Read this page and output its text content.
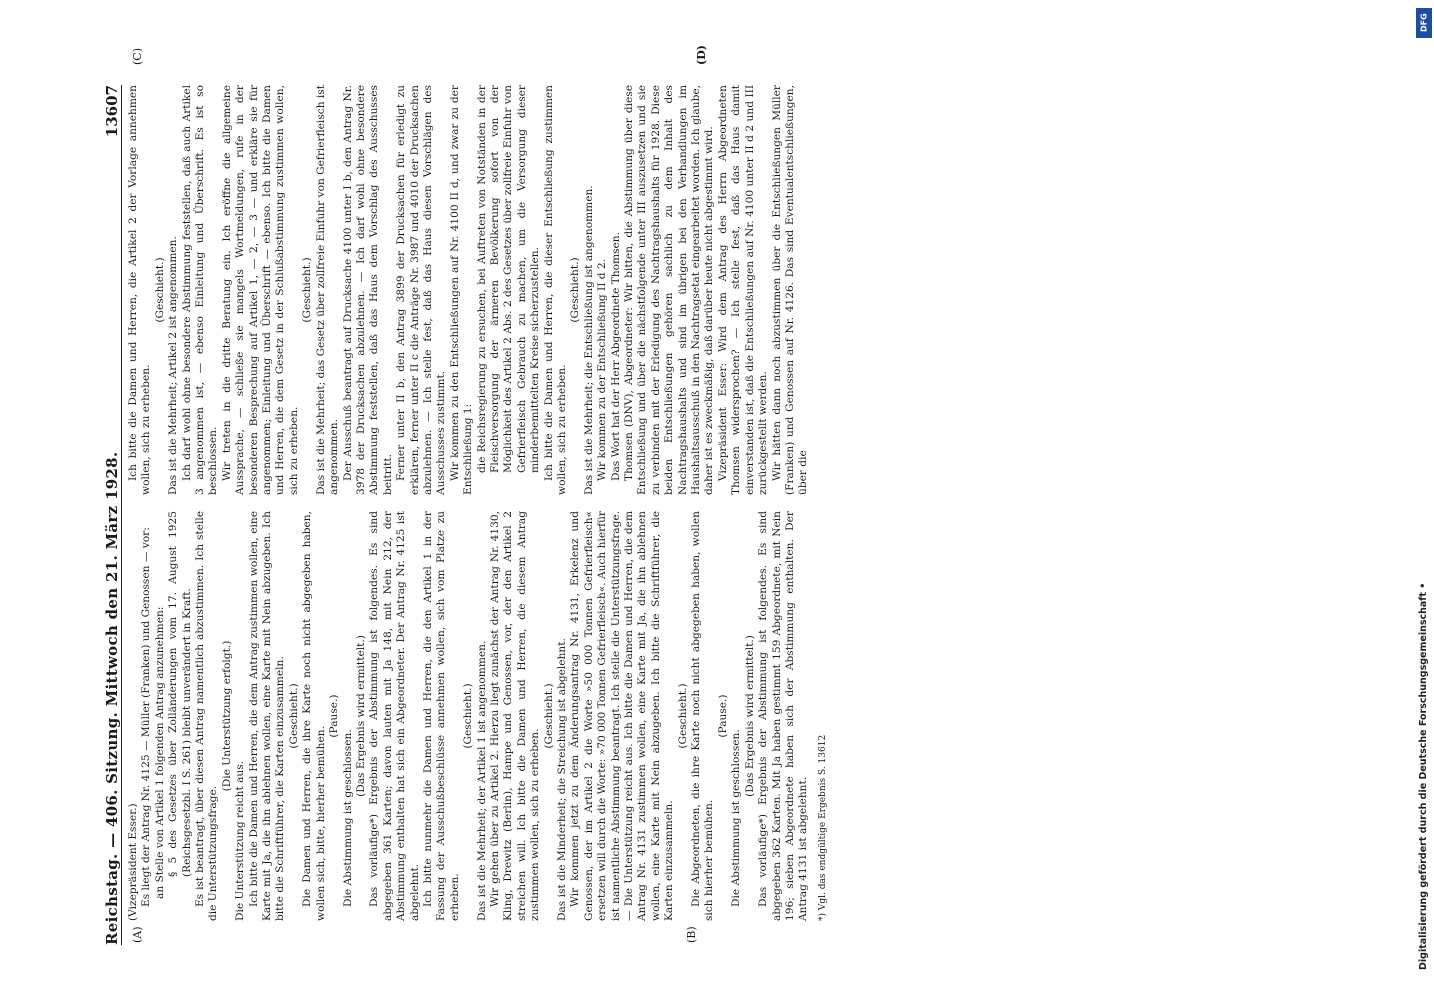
Reichstag. — 406. Sitzung. Mittwoch den 21. März 1928.
13607
(A)	(B)
(C)	(D)

(Vizepräsident Esser.) Es liegt der Antrag Nr. 4125 — Müller (Franken) und Genossen — vor: an Stelle von Artikel 1 folgenden Antrag anzunehmen: § 5 des Gesetzes über Zolländerungen vom 17. August 1925 (Reichsgesetzbl. I S. 261) bleibt unverändert in Kraft. Es ist beantragt, über diesen Antrag namentlich abzustimmen. Ich stelle die Unterstützungsfrage.

(Die Unterstützung erfolgt.)

Die Unterstützung reicht aus. Ich bitte die Damen und Herren, die dem Antrag zustimmen wollen, eine Karte mit Ja, die ihn ablehnen wollen, eine Karte mit Nein abzugeben. Ich bitte die Schriftführer, die Karten einzusammeln. (Geschieht.) Die Damen und Herren, die ihre Karte noch nicht abgegeben haben, wollen sich, bitte, hierher bemühen.

(Pause.)

Die Abstimmung ist geschlossen.

(Das Ergebnis wird ermittelt.) Das vorläufige*) Ergebnis der Abstimmung ist folgendes. Es sind abgegeben 361 Karten; davon lauten mit Ja 148, mit Nein 212, der Abstimmung enthalten hat sich ein Abgeordneter. Der Antrag Nr. 4125 ist abgelehnt. Ich bitte nunmehr die Damen und Herren, die den Artikel 1 in der Fassung der Ausschußbeschlüsse annehmen wollen, sich vom Platze zu erheben.

(Geschieht.) Das ist die Mehrheit; der Artikel 1 ist angenommen. Wir gehen über zu Artikel 2. Hierzu liegt zunächst der Antrag Nr. 4130, Kling, Drewitz (Berlin), Hampe und Genossen, vor, der den Artikel 2 streichen will. Ich bitte die Damen und Herren, die diesem Antrag zustimmen wollen, sich zu erheben.

(Geschieht.) Das ist die Minderheit; die Streichung ist abgelehnt. Wir kommen jetzt zu dem Änderungsantrag Nr. 4131, Erkelenz und Genossen, der im Artikel 2 die Worte »50 000 Tonnen Gefrierfleisch« ersetzen will durch die Worte: »70 000 Tonnen Gefrierfleisch«. Auch hierfür ist namentliche Abstimmung beantragt. Ich stelle die Unterstützungsfrage. — Die Unterstützung reicht aus. Ich bitte die Damen und Herren, die dem Antrag Nr. 4131 zustimmen wollen, eine Karte mit Ja, die ihn ablehnen wollen, eine Karte mit Nein abzugeben. Ich bitte die Schriftführer, die Karten einzusammeln.

(Geschieht.) Die Abgeordneten, die ihre Karte noch nicht abgegeben haben, wollen sich hierher bemühen.

(Pause.)

Die Abstimmung ist geschlossen.

(Das Ergebnis wird ermittelt.) Das vorläufige*) Ergebnis der Abstimmung ist folgendes. Es sind abgegeben 362 Karten. Mit Ja haben gestimmt 159 Abgeordnete, mit Nein 196; sieben Abgeordnete haben sich der Abstimmung enthalten. Der Antrag 4131 ist abgelehnt. *) Vgl. das endgültige Ergebnis S. 13612

Ich bitte die Damen und Herren, die Artikel 2 der Vorlage annehmen wollen, sich zu erheben.

(Geschieht.) Das ist die Mehrheit; Artikel 2 ist angenommen. Ich darf wohl ohne besondere Abstimmung feststellen, daß auch Artikel 3 angenommen ist, — ebenso Einleitung und Überschrift. Es ist so beschlossen. Wir treten in die dritte Beratung ein. Ich eröffne die allgemeine Aussprache, — schließe sie mangels Wortmeldungen, rufe in der besonderen Besprechung auf Artikel 1, — 2, — 3 — und erkläre sie für angenommen; Einleitung und Überschrift — ebenso. Ich bitte die Damen und Herren, die dem Gesetz in der Schlußabstimmung zustimmen wollen, sich zu erheben.

(Geschieht.) Das ist die Mehrheit; das Gesetz über zollfreie Einfuhr von Gefrierfleisch ist angenommen. Der Ausschuß beantragt auf Drucksache 4100 unter I b, den Antrag Nr. 3978 der Drucksachen abzulehnen. — Ich darf wohl ohne besondere Abstimmung feststellen, daß das Haus dem Vorschlag des Ausschusses beitritt. Ferner unter II b, den Antrag 3899 der Drucksachen für erledigt zu erklären, ferner unter II c die Anträge Nr. 3987 und 4010 der Drucksachen abzulehnen. — Ich stelle fest, daß das Haus diesen Vorschlägen des Ausschusses zustimmt. Wir kommen zu den Entschließungen auf Nr. 4100 II d, und zwar zu der Entschließung 1: die Reichsregierung zu ersuchen, bei Auftreten von Notständen in der Fleischversorgung der ärmeren Bevölkerung sofort von der Möglichkeit des Artikel 2 Abs. 2 des Gesetzes über zollfreie Einfuhr von Gefrierfleisch Gebrauch zu machen, um die Versorgung dieser minderbemittelten Kreise sicherzustellen. Ich bitte die Damen und Herren, die dieser Entschließung zustimmen wollen, sich zu erheben.

(Geschieht.) Das ist die Mehrheit; die Entschließung ist angenommen. Wir kommen zu der Entschließung II d 2. Das Wort hat der Herr Abgeordnete Thomsen. Thomsen (DNV), Abgeordneter: Wir bitten, die Abstimmung über diese Entschließung und über die nächstfolgende unter III auszusetzen und sie zu verbinden mit der Erledigung des Nachtragshaushalts für 1928. Diese beiden Entschließungen gehören sachlich zu dem Inhalt des Nachtragshaushalts und sind im übrigen bei den Verhandlungen im Haushaltsausschuß in den Nachtragsetat eingearbeitet worden. Ich glaube, daher ist es zweckmäßig, daß darüber heute nicht abgestimmt wird. Vizepräsident Esser: Wird dem Antrag des Herrn Abgeordneten Thomsen widersprochen? — Ich stelle fest, daß das Haus damit einverstanden ist, daß die Entschließungen auf Nr. 4100 unter II d 2 und III zurückgestellt werden. Wir hätten dann noch abzustimmen über die Entschließungen Müller (Franken) und Genossen auf Nr. 4126. Das sind Eventualentschließungen, über die

DFG
Digitalisierung gefördert durch die Deutsche Forschungsgemeinschaft •
